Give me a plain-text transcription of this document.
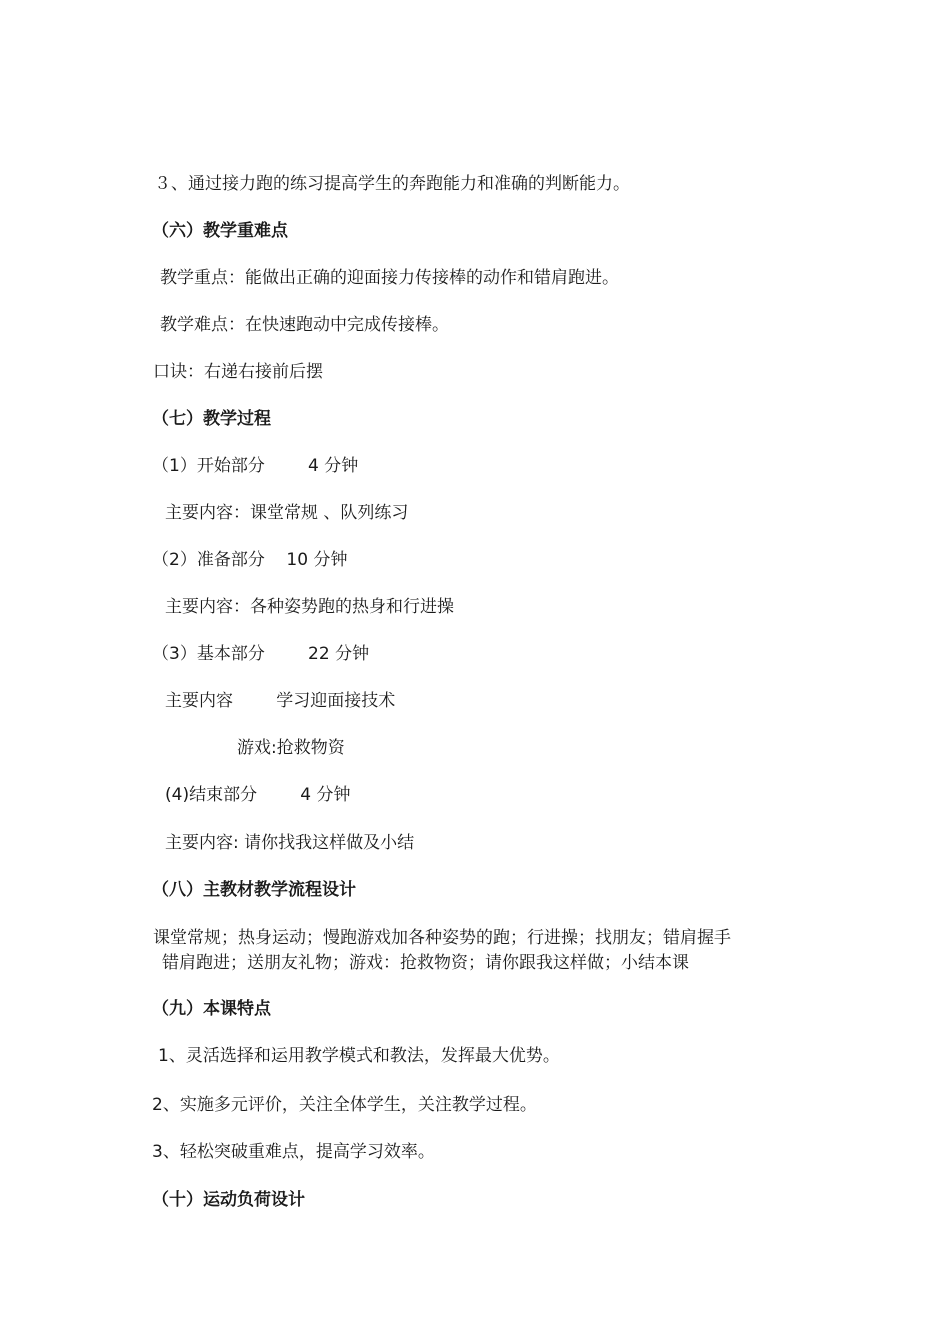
３、通过接力跑的练习提高学生的奔跑能力和准确的判断能力。
（六）教学重难点
教学重点：能做出正确的迎面接力传接棒的动作和错肩跑进。
教学难点：在快速跑动中完成传接棒。
口诀：右递右接前后摆
（七）教学过程
（1）开始部分        4 分钟
主要内容：课堂常规 、队列练习
（2）准备部分    10 分钟
主要内容：各种姿势跑的热身和行进操
（3）基本部分        22 分钟
主要内容        学习迎面接技术
游戏:抢救物资
(4)结束部分        4 分钟
主要内容: 请你找我这样做及小结
（八）主教材教学流程设计
课堂常规；热身运动；慢跑游戏加各种姿势的跑；行进操；找朋友；错肩握手
错肩跑进；送朋友礼物；游戏：抢救物资；请你跟我这样做；小结本课
（九）本课特点
1、灵活选择和运用教学模式和教法，发挥最大优势。
2、实施多元评价，关注全体学生，关注教学过程。
3、轻松突破重难点，提高学习效率。
（十）运动负荷设计
